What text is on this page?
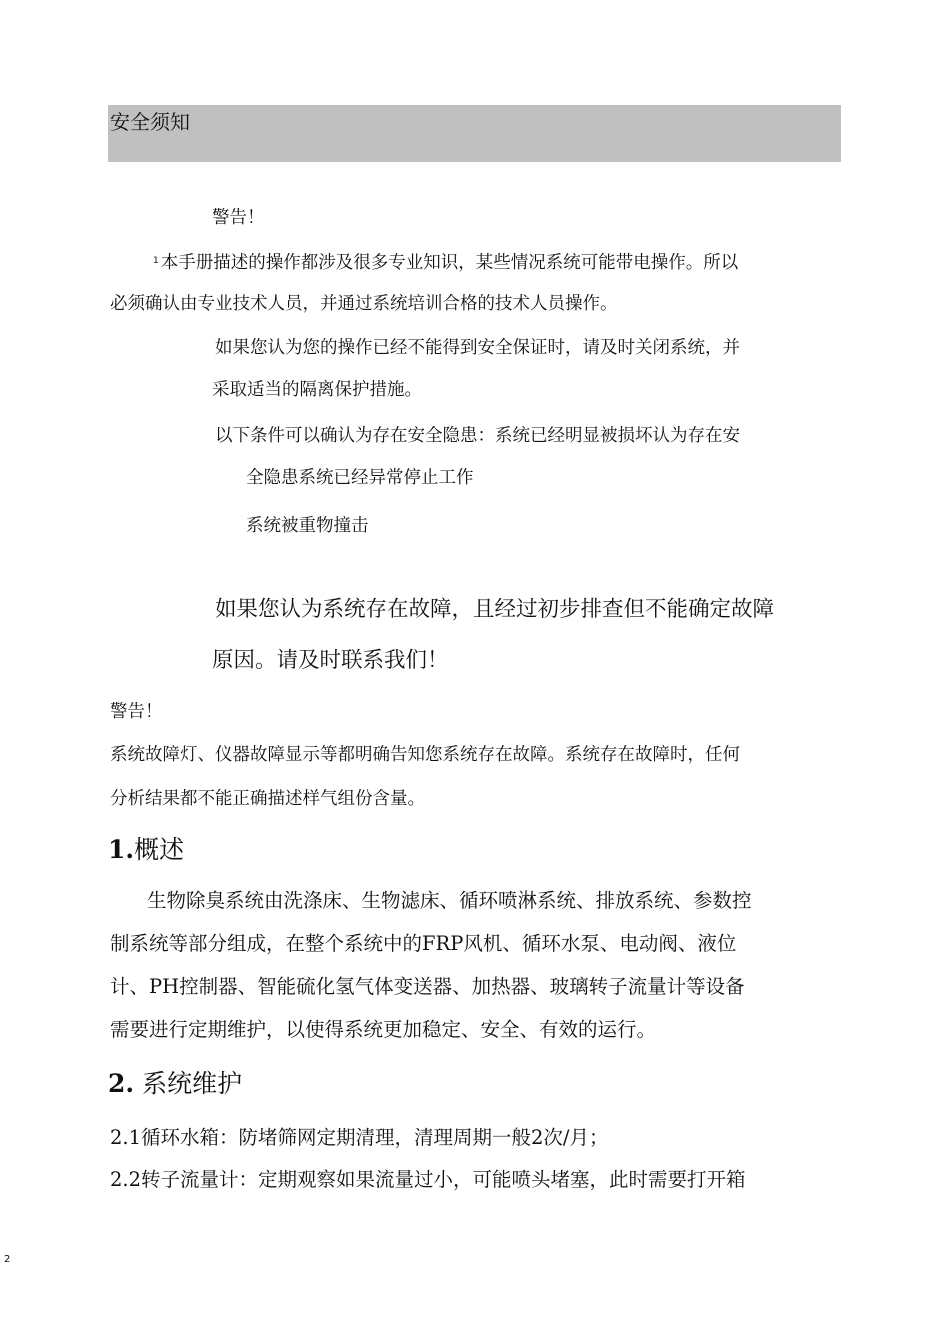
安全须知
警告！
$^1$ 本手册描述的操作都涉及很多专业知识，某些情况系统可能带电操作。所以
必须确认由专业技术人员，并通过系统培训合格的技术人员操作。
如果您认为您的操作已经不能得到安全保证时，请及时关闭系统，并
采取适当的隔离保护措施。
以下条件可以确认为存在安全隐患：系统已经明显被损坏认为存在安
全隐患系统已经异常停止工作
系统被重物撞击
如果您认为系统存在故障，且经过初步排查但不能确定故障
原因。请及时联系我们！
警告！
系统故障灯、仪器故障显示等都明确告知您系统存在故障。系统存在故障时，任何
分析结果都不能正确描述样气组份含量。
1.概述
生物除臭系统由洗涤床、生物滤床、循环喷淋系统、排放系统、参数控
制系统等部分组成，在整个系统中的FRP风机、循环水泵、电动阀、液位
计、PH控制器、智能硫化氢气体变送器、加热器、玻璃转子流量计等设备
需要进行定期维护，以使得系统更加稳定、安全、有效的运行。
2. 系统维护
2.1循环水箱：防堵筛网定期清理，清理周期一般2次/月；
2.2转子流量计：定期观察如果流量过小，可能喷头堵塞，此时需要打开箱
2
